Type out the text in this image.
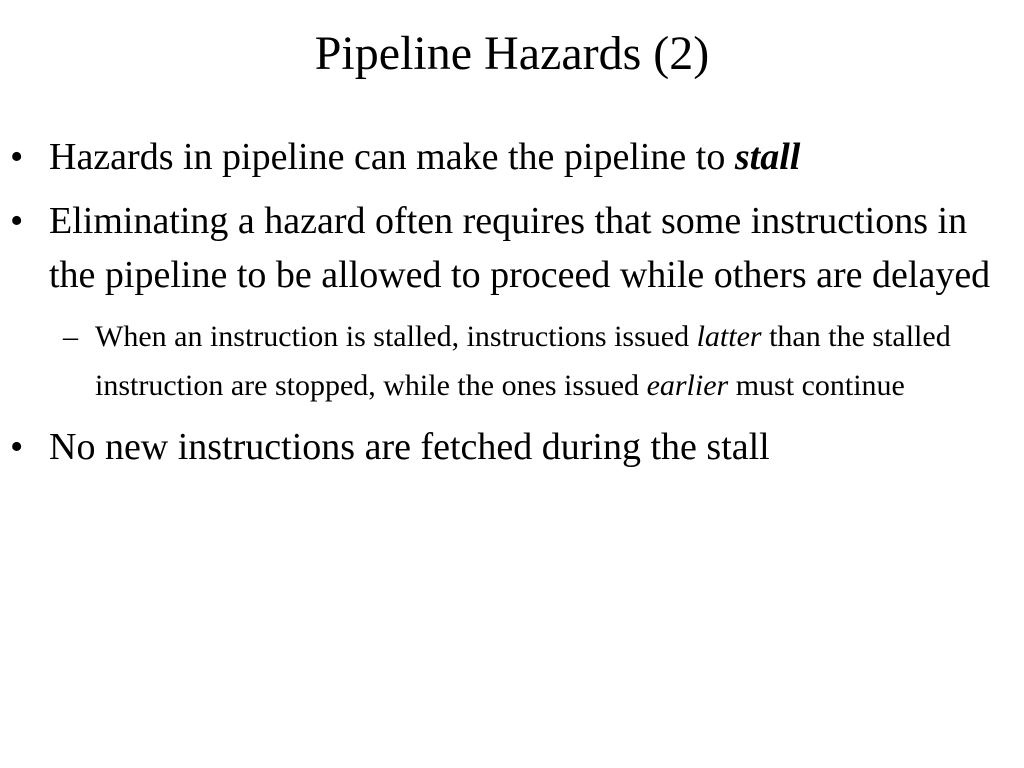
Pipeline Hazards (2)
• Hazards in pipeline can make the pipeline to stall
• Eliminating a hazard often requires that some instructions in the pipeline to be allowed to proceed while others are delayed
– When an instruction is stalled, instructions issued latter than the stalled instruction are stopped, while the ones issued earlier must continue
• No new instructions are fetched during the stall
